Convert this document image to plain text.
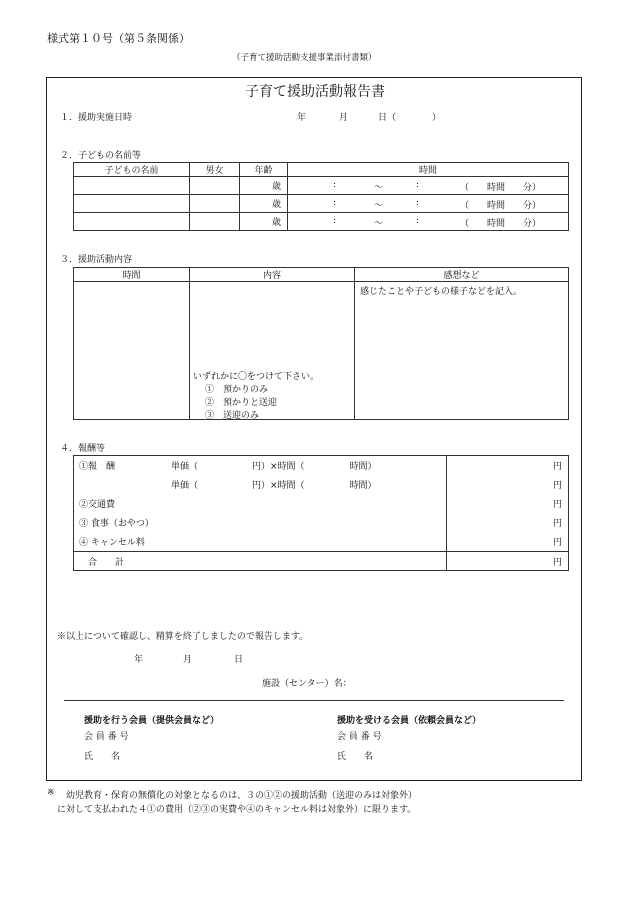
様式第１０号（第５条関係）
（子育て援助活動支援事業添付書類）
子育て援助活動報告書
１．援助実施日時	年	月	日（	）
２．子どもの名前等
子どもの名前	男女	年齢	時間
		歳	: ～ : （　　時間　　分）

		歳	: ～ : （　　時間　　分）

		歳	: ～ : （　　時間　　分）
３．援助活動内容
時間	内容	感想など

	いずれかに〇をつけて下さい。
①　預かりのみ
②　預かりと送迎
③　送迎のみ	感じたことや子どもの様子などを記入。
４．報酬等
①報　酬 単価（　　　　　　円）×時間（　　　　　時間）	円

単価（　　　　　　円）×時間（　　　　　時間）	円
②交通費	円
③ 食事（おやつ）	円
④ キャンセル料	円
合　　計	円
※以上について確認し、精算を終了しましたので報告します。
年	月	日
施設（センター）名：
援助を行う会員（提供会員など）
会 員 番 号
氏　　名
援助を受ける会員（依頼会員など）
会 員 番 号
氏　　名
※ 幼児教育・保育の無償化の対象となるのは、３の①②の援助活動（送迎のみは対象外）
に対して支払われた４①の費用（②③の実費や④のキャンセル料は対象外）に限ります。
